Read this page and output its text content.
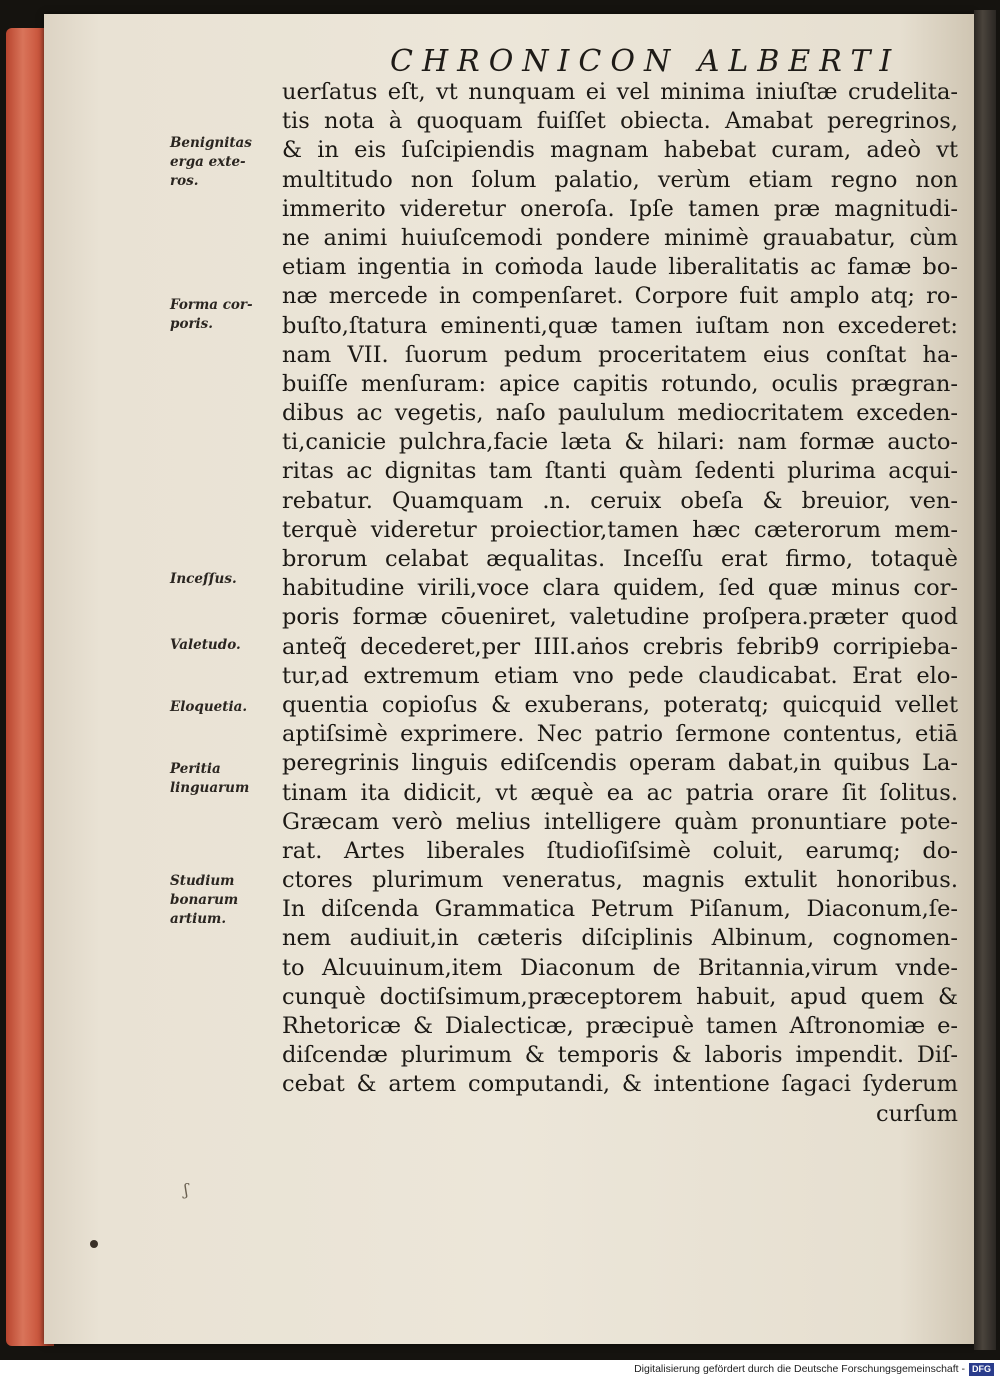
CHRONICON ALBERTI
uerſatus eſt, vt nunquam ei vel minima iniuſtæ crudelita-
tis nota à quoquam fuiſſet obiecta. Amabat peregrinos,
& in eis ſuſcipiendis magnam habebat curam, adeò vt
multitudo non ſolum palatio, verùm etiam regno non
immerito videretur oneroſa. Ipſe tamen præ magnitudi-
ne animi huiuſcemodi pondere minimè grauabatur, cùm
etiam ingentia in coṁoda laude liberalitatis ac famæ bo-
næ mercede in compenſaret. Corpore fuit amplo atq; ro-
buſto,ſtatura eminenti,quæ tamen iuſtam non excederet:
nam VII. ſuorum pedum proceritatem eius conſtat ha-
buiſſe menſuram: apice capitis rotundo, oculis prægran-
dibus ac vegetis, naſo paululum mediocritatem exceden-
ti,canicie pulchra,facie læta & hilari: nam formæ aucto-
ritas ac dignitas tam ſtanti quàm ſedenti plurima acqui-
rebatur. Quamquam .n. ceruix obeſa & breuior, ven-
terquè videretur proiectior,tamen hæc cæterorum mem-
brorum celabat æqualitas. Inceſſu erat firmo, totaquè
habitudine virili,voce clara quidem, ſed quæ minus cor-
poris formæ cōueniret, valetudine proſpera.præter quod
anteq̃ decederet,per IIII.aṅos crebris febrib9 corripieba-
tur,ad extremum etiam vno pede claudicabat. Erat elo-
quentia copioſus & exuberans, poteratq; quicquid vellet
aptiſsimè exprimere. Nec patrio ſermone contentus, etiā
peregrinis linguis ediſcendis operam dabat,in quibus La-
tinam ita didicit, vt æquè ea ac patria orare ſit ſolitus.
Græcam verò melius intelligere quàm pronuntiare pote-
rat. Artes liberales ſtudioſiſsimè coluit, earumq; do-
ctores plurimum veneratus, magnis extulit honoribus.
In diſcenda Grammatica Petrum Piſanum, Diaconum,ſe-
nem audiuit,in cæteris diſciplinis Albinum, cognomen-
to Alcuuinum,item Diaconum de Britannia,virum vnde-
cunquè doctiſsimum,præceptorem habuit, apud quem &
Rhetoricæ & Dialecticæ, præcipuè tamen Aſtronomiæ e-
diſcendæ plurimum & temporis & laboris impendit. Diſ-
cebat & artem computandi, & intentione ſagaci ſyderum
curſum
Benignitas
erga exte-
ros.
Forma cor-
poris.
Inceſſus.
Valetudo.
Eloquetia.
Peritia
linguarum
Studium
bonarum
artium.
ʃ
Digitalisierung gefördert durch die Deutsche Forschungsgemeinschaft - DFG
